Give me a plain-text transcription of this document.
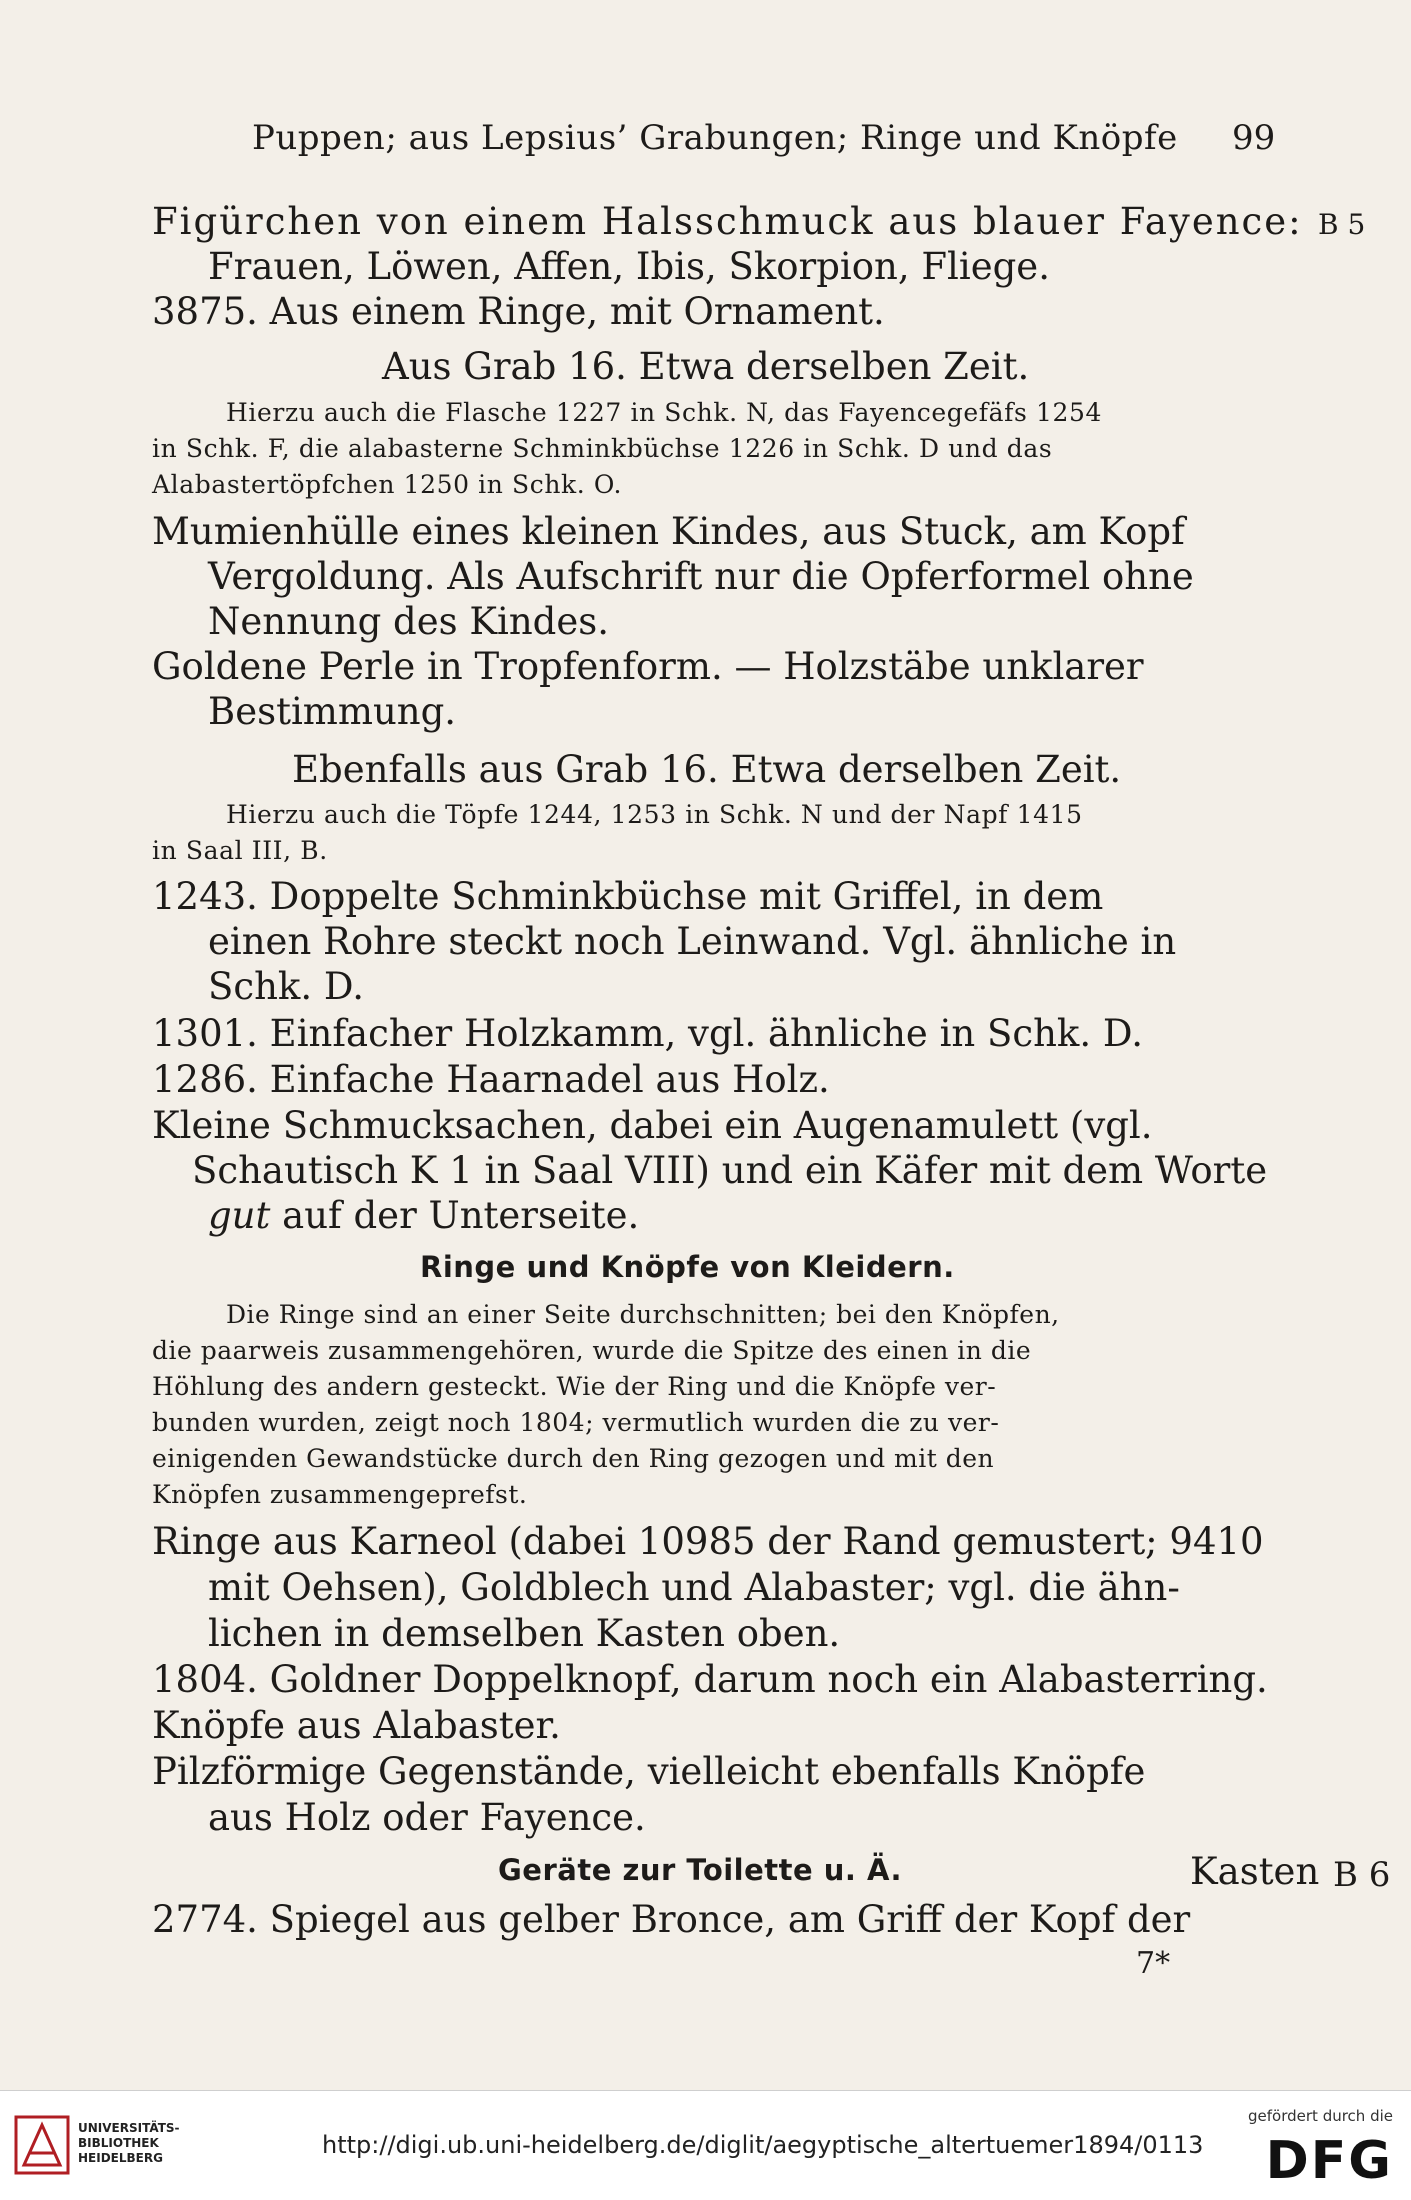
Puppen; aus Lepsius’ Grabungen; Ringe und Knöpfe 99
Figürchen von einem Halsschmuck aus blauer Fayence: B 5
Frauen, Löwen, Affen, Ibis, Skorpion, Fliege.
3875. Aus einem Ringe, mit Ornament.
Aus Grab 16. Etwa derselben Zeit.
Hierzu auch die Flasche 1227 in Schk. N, das Fayencegefäfs 1254
in Schk. F, die alabasterne Schminkbüchse 1226 in Schk. D und das
Alabastertöpfchen 1250 in Schk. O.
Mumienhülle eines kleinen Kindes, aus Stuck, am Kopf
Vergoldung. Als Aufschrift nur die Opferformel ohne
Nennung des Kindes.
Goldene Perle in Tropfenform. — Holzstäbe unklarer
Bestimmung.
Ebenfalls aus Grab 16. Etwa derselben Zeit.
Hierzu auch die Töpfe 1244, 1253 in Schk. N und der Napf 1415
in Saal III, B.
1243. Doppelte Schminkbüchse mit Griffel, in dem
einen Rohre steckt noch Leinwand. Vgl. ähnliche in
Schk. D.
1301. Einfacher Holzkamm, vgl. ähnliche in Schk. D.
1286. Einfache Haarnadel aus Holz.
Kleine Schmucksachen, dabei ein Augenamulett (vgl.
Schautisch K 1 in Saal VIII) und ein Käfer mit dem Worte
gut auf der Unterseite.
Ringe und Knöpfe von Kleidern.
Die Ringe sind an einer Seite durchschnitten; bei den Knöpfen,
die paarweis zusammengehören, wurde die Spitze des einen in die
Höhlung des andern gesteckt. Wie der Ring und die Knöpfe ver-
bunden wurden, zeigt noch 1804; vermutlich wurden die zu ver-
einigenden Gewandstücke durch den Ring gezogen und mit den
Knöpfen zusammengeprefst.
Ringe aus Karneol (dabei 10985 der Rand gemustert; 9410
mit Oehsen), Goldblech und Alabaster; vgl. die ähn-
lichen in demselben Kasten oben.
1804. Goldner Doppelknopf, darum noch ein Alabasterring.
Knöpfe aus Alabaster.
Pilzförmige Gegenstände, vielleicht ebenfalls Knöpfe
aus Holz oder Fayence.
Geräte zur Toilette u. Ä.	Kasten B 6
2774. Spiegel aus gelber Bronce, am Griff der Kopf der
7*
UNIVERSITÄTS-
BIBLIOTHEK
HEIDELBERG	http://digi.ub.uni-heidelberg.de/diglit/aegyptische_altertuemer1894/0113
gefördert durch die
DFG
